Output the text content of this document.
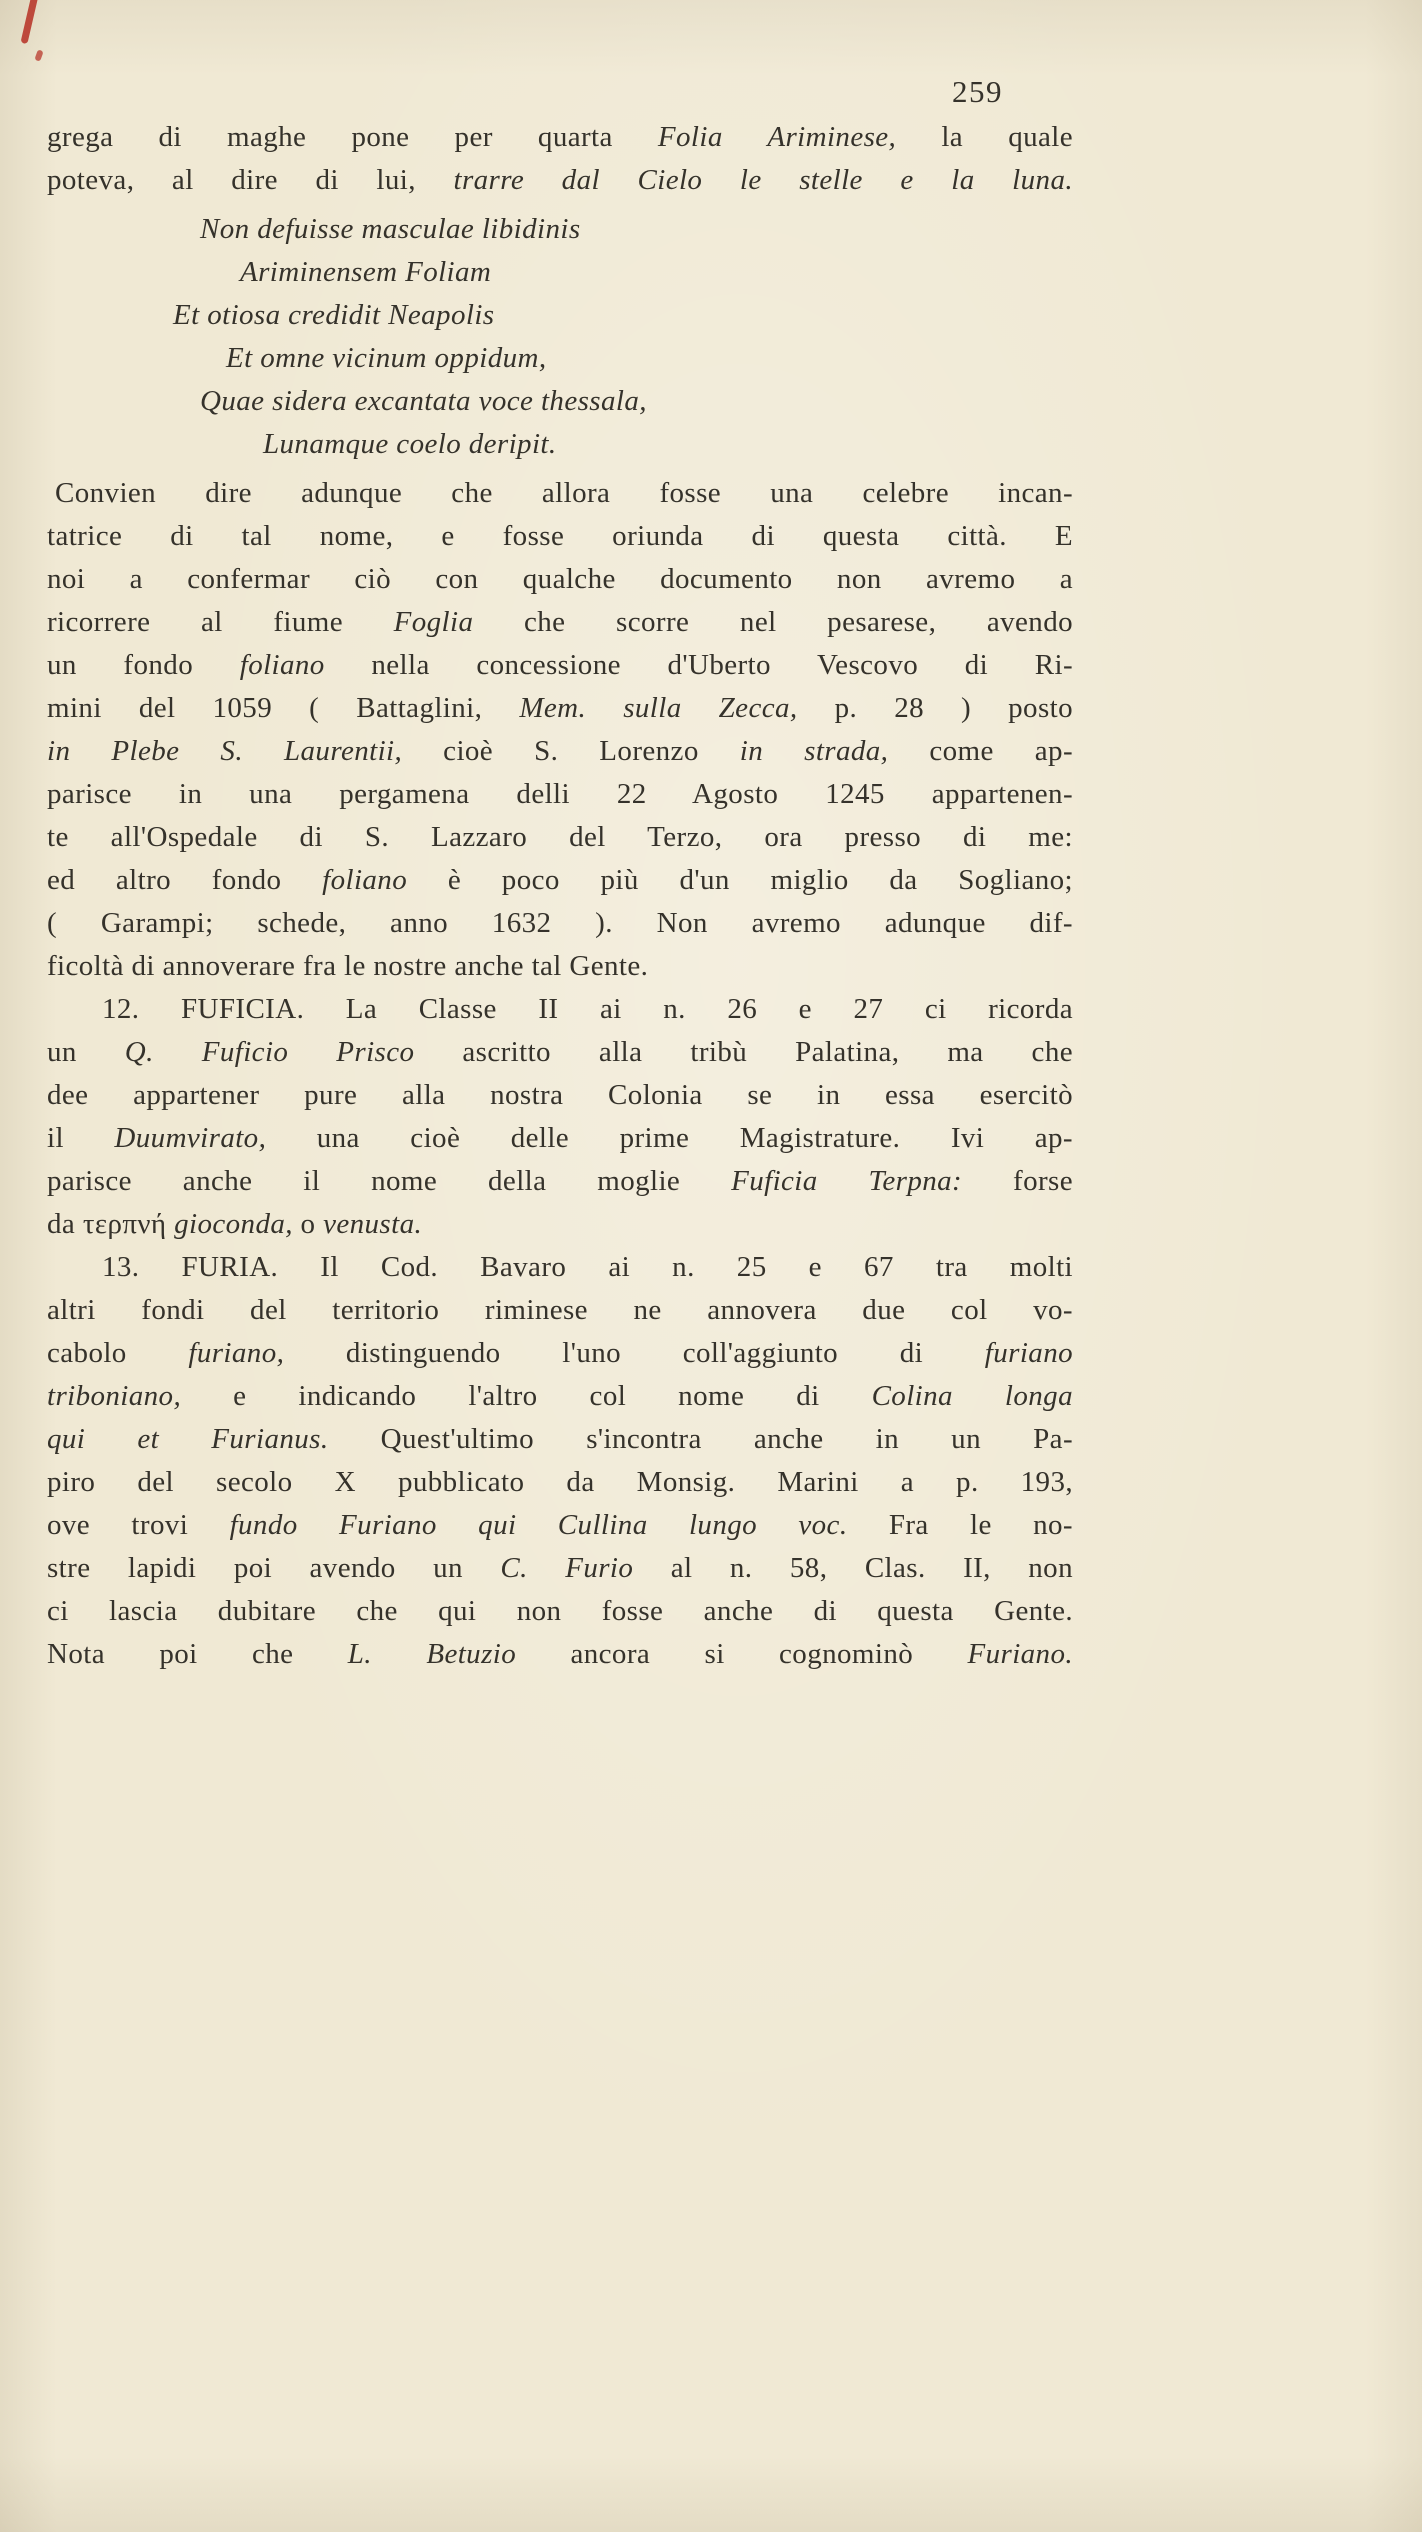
259
grega di maghe pone per quarta Folia Ariminese, la quale
poteva, al dire di lui, trarre dal Cielo le stelle e la luna.
Non defuisse masculae libidinis
Ariminensem Foliam
Et otiosa credidit Neapolis
Et omne vicinum oppidum,
Quae sidera excantata voce thessala,
Lunamque coelo deripit.
Convien dire adunque che allora fosse una celebre incan-
tatrice di tal nome, e fosse oriunda di questa città. E
noi a confermar ciò con qualche documento non avremo a
ricorrere al fiume Foglia che scorre nel pesarese, avendo
un fondo foliano nella concessione d'Uberto Vescovo di Ri-
mini del 1059 ( Battaglini, Mem. sulla Zecca, p. 28 ) posto
in Plebe S. Laurentii, cioè S. Lorenzo in strada, come ap-
parisce in una pergamena delli 22 Agosto 1245 appartenen-
te all'Ospedale di S. Lazzaro del Terzo, ora presso di me:
ed altro fondo foliano è poco più d'un miglio da Sogliano;
( Garampi; schede, anno 1632 ). Non avremo adunque dif-
ficoltà di annoverare fra le nostre anche tal Gente.
12. FUFICIA. La Classe II ai n. 26 e 27 ci ricorda
un Q. Fuficio Prisco ascritto alla tribù Palatina, ma che
dee appartener pure alla nostra Colonia se in essa esercitò
il Duumvirato, una cioè delle prime Magistrature. Ivi ap-
parisce anche il nome della moglie Fuficia Terpna: forse
da τερπνή gioconda, o venusta.
13. FURIA. Il Cod. Bavaro ai n. 25 e 67 tra molti
altri fondi del territorio riminese ne annovera due col vo-
cabolo furiano, distinguendo l'uno coll'aggiunto di furiano
triboniano, e indicando l'altro col nome di Colina longa
qui et Furianus. Quest'ultimo s'incontra anche in un Pa-
piro del secolo X pubblicato da Monsig. Marini a p. 193,
ove trovi fundo Furiano qui Cullina lungo voc. Fra le no-
stre lapidi poi avendo un C. Furio al n. 58, Clas. II, non
ci lascia dubitare che qui non fosse anche di questa Gente.
Nota poi che L. Betuzio ancora si cognominò Furiano.
